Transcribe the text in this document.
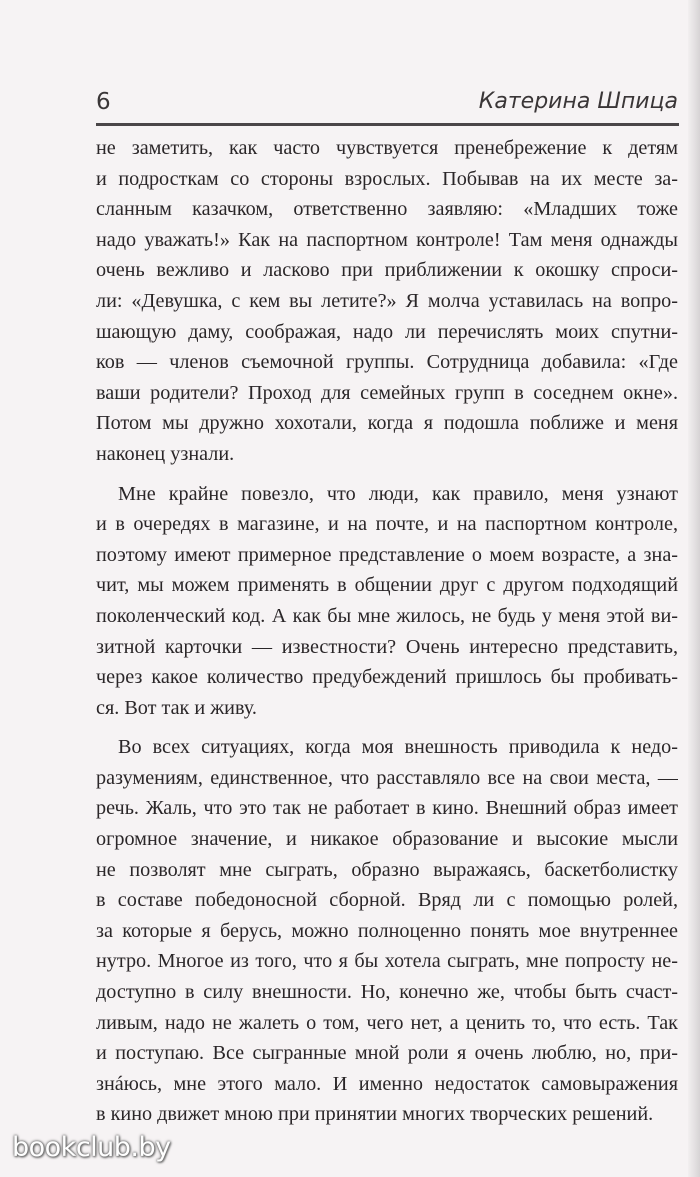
6	Катерина Шпица
не заметить, как часто чувствуется пренебрежение к детям
и подросткам со стороны взрослых. Побывав на их месте за-
сланным казачком, ответственно заявляю: «Младших тоже
надо уважать!» Как на паспортном контроле! Там меня однажды
очень вежливо и ласково при приближении к окошку спроси-
ли: «Девушка, с кем вы летите?» Я молча уставилась на вопро-
шающую даму, соображая, надо ли перечислять моих спутни-
ков — членов съемочной группы. Сотрудница добавила: «Где
ваши родители? Проход для семейных групп в соседнем окне».
Потом мы дружно хохотали, когда я подошла поближе и меня
наконец узнали.
Мне крайне повезло, что люди, как правило, меня узнают
и в очередях в магазине, и на почте, и на паспортном контроле,
поэтому имеют примерное представление о моем возрасте, а зна-
чит, мы можем применять в общении друг с другом подходящий
поколенческий код. А как бы мне жилось, не будь у меня этой ви-
зитной карточки — известности? Очень интересно представить,
через какое количество предубеждений пришлось бы пробивать-
ся. Вот так и живу.
Во всех ситуациях, когда моя внешность приводила к недо-
разумениям, единственное, что расставляло все на свои места, —
речь. Жаль, что это так не работает в кино. Внешний образ имеет
огромное значение, и никакое образование и высокие мысли
не позволят мне сыграть, образно выражаясь, баскетболистку
в составе победоносной сборной. Вряд ли с помощью ролей,
за которые я берусь, можно полноценно понять мое внутреннее
нутро. Многое из того, что я бы хотела сыграть, мне попросту не-
доступно в силу внешности. Но, конечно же, чтобы быть счаст-
ливым, надо не жалеть о том, чего нет, а ценить то, что есть. Так
и поступаю. Все сыгранные мной роли я очень люблю, но, при-
знáюсь, мне этого мало. И именно недостаток самовыражения
в кино движет мною при принятии многих творческих решений.
bookclub.by
